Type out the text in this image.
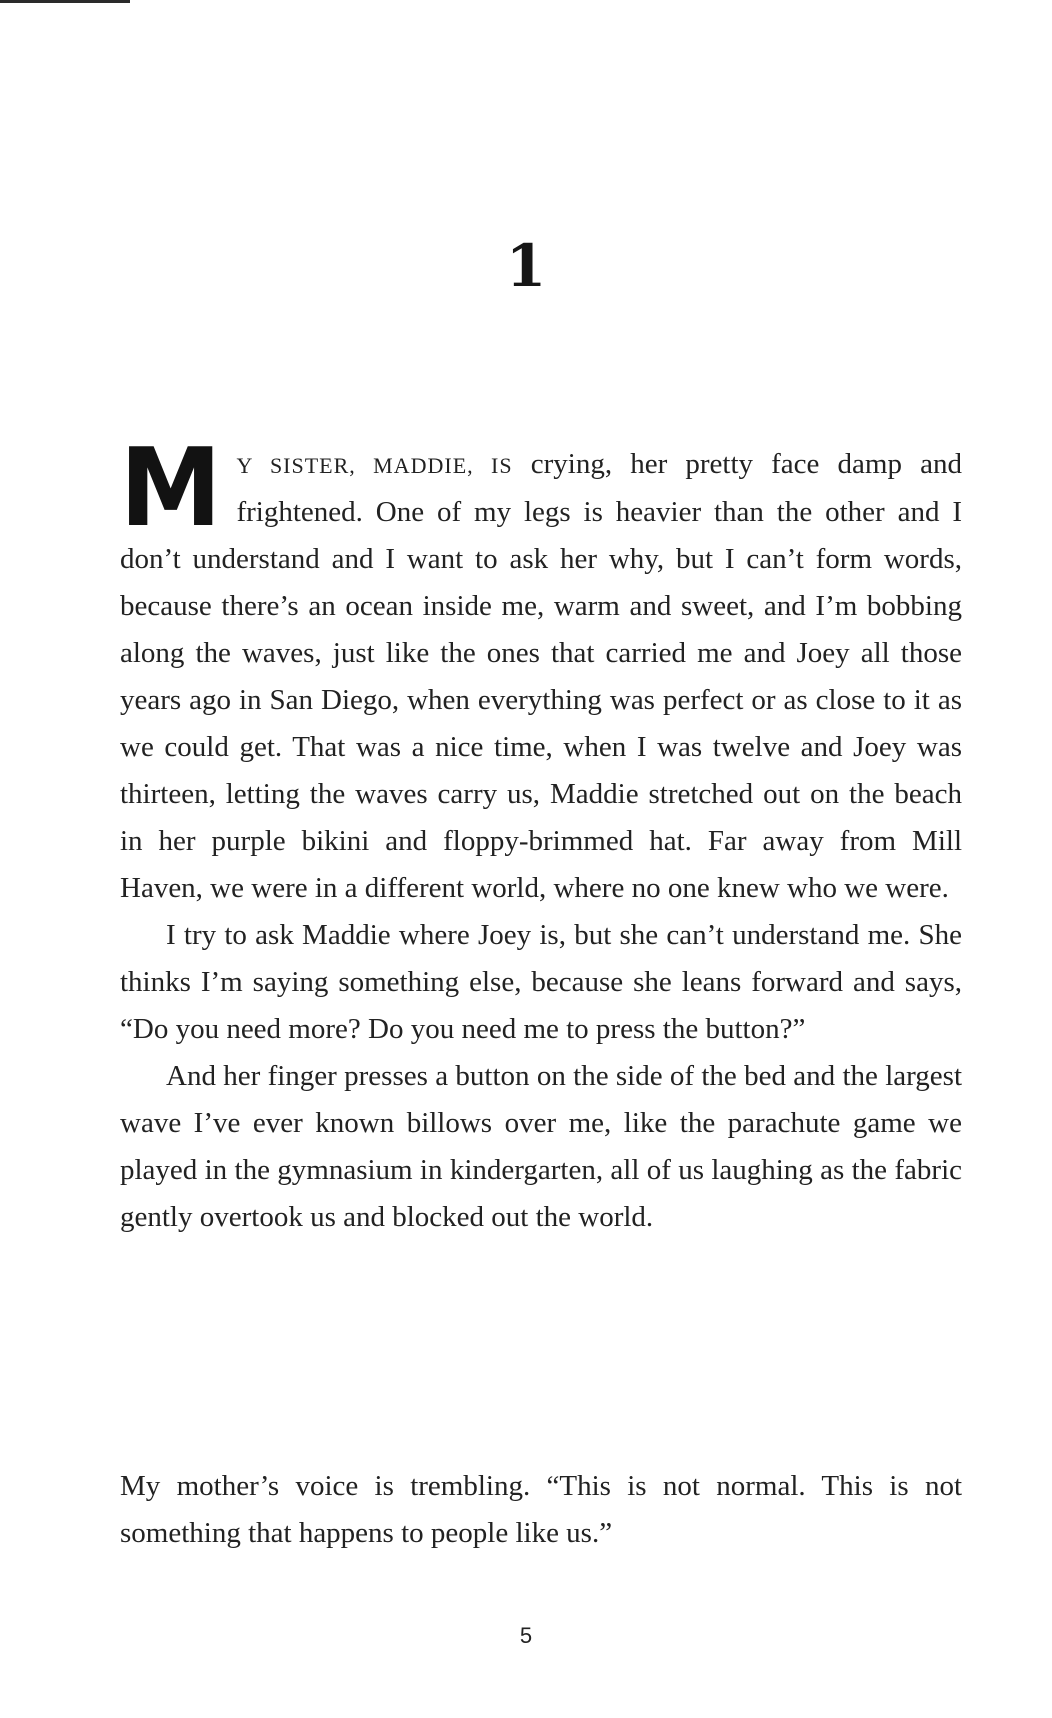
1

M Y SISTER, MADDIE, IS crying, her pretty face damp and frightened. One of my legs is heavier than the other and I don’t understand and I want to ask her why, but I can’t form words, because there’s an ocean inside me, warm and sweet, and I’m bobbing along the waves, just like the ones that carried me and Joey all those years ago in San Diego, when everything was perfect or as close to it as we could get. That was a nice time, when I was twelve and Joey was thirteen, letting the waves carry us, Maddie stretched out on the beach in her purple bikini and floppy-brimmed hat. Far away from Mill Haven, we were in a different world, where no one knew who we were.

I try to ask Maddie where Joey is, but she can’t understand me. She thinks I’m saying something else, because she leans forward and says, “Do you need more? Do you need me to press the button?”

And her finger presses a button on the side of the bed and the largest wave I’ve ever known billows over me, like the parachute game we played in the gymnasium in kindergarten, all of us laughing as the fabric gently overtook us and blocked out the world.

My mother’s voice is trembling. “This is not normal. This is not something that happens to people like us.”

5
